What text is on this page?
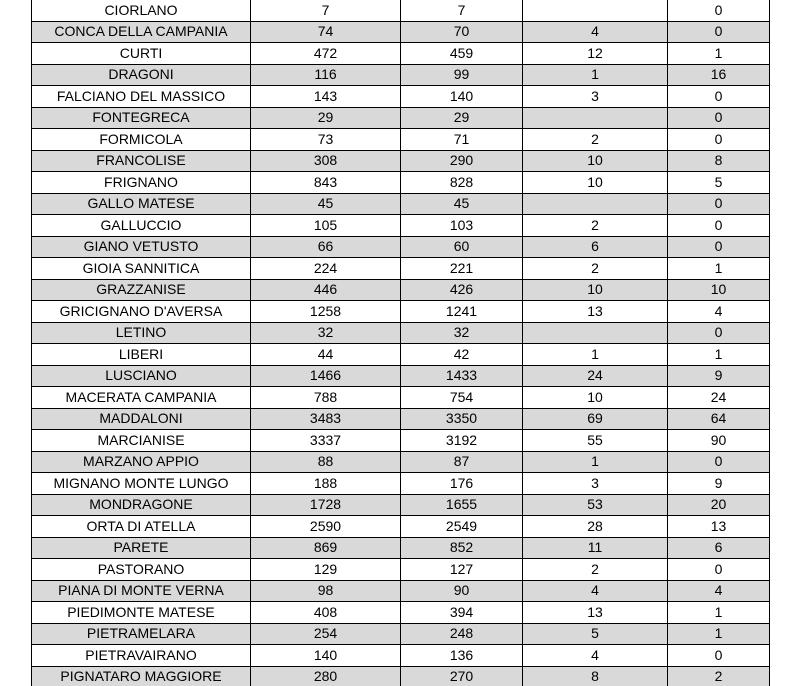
CIORLANO	7	7		0
CONCA DELLA CAMPANIA	74	70	4	0
CURTI	472	459	12	1
DRAGONI	116	99	1	16
FALCIANO DEL MASSICO	143	140	3	0
FONTEGRECA	29	29		0
FORMICOLA	73	71	2	0
FRANCOLISE	308	290	10	8
FRIGNANO	843	828	10	5
GALLO MATESE	45	45		0
GALLUCCIO	105	103	2	0
GIANO VETUSTO	66	60	6	0
GIOIA SANNITICA	224	221	2	1
GRAZZANISE	446	426	10	10
GRICIGNANO D'AVERSA	1258	1241	13	4
LETINO	32	32		0
LIBERI	44	42	1	1
LUSCIANO	1466	1433	24	9
MACERATA CAMPANIA	788	754	10	24
MADDALONI	3483	3350	69	64
MARCIANISE	3337	3192	55	90
MARZANO APPIO	88	87	1	0
MIGNANO MONTE LUNGO	188	176	3	9
MONDRAGONE	1728	1655	53	20
ORTA DI ATELLA	2590	2549	28	13
PARETE	869	852	11	6
PASTORANO	129	127	2	0
PIANA DI MONTE VERNA	98	90	4	4
PIEDIMONTE MATESE	408	394	13	1
PIETRAMELARA	254	248	5	1
PIETRAVAIRANO	140	136	4	0
PIGNATARO MAGGIORE	280	270	8	2
